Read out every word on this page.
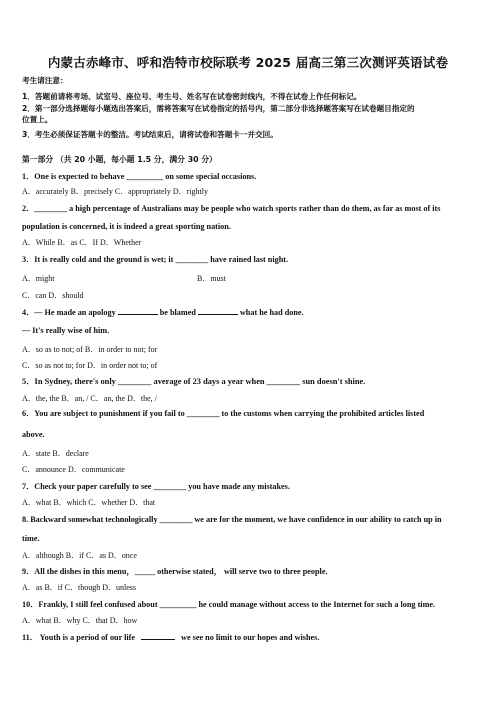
内蒙古赤峰市、呼和浩特市校际联考 2025 届高三第三次测评英语试卷
考生请注意：
1．答题前请将考场、试室号、座位号、考生号、姓名写在试卷密封线内，不得在试卷上作任何标记。
2．第一部分选择题每小题选出答案后，需将答案写在试卷指定的括号内，第二部分非选择题答案写在试卷题目指定的
位置上。
3．考生必须保证答题卡的整洁。考试结束后，请将试卷和答题卡一并交回。
第一部分 （共 20 小题，每小题 1.5 分，满分 30 分）
1．One is expected to behave _________ on some special occasions.
A．accurately B．precisely C．appropriately D．rightly
2．________ a high percentage of Australians may be people who watch sports rather than do them, as far as most of its
population is concerned, it is indeed a great sporting nation.
A．While B．as C．If D．Whether
3．It is really cold and the ground is wet; it ________ have rained last night.
A．might	B．must
C．can D．should
4．— He made an apology	be blamed	what he had done.
— It's really wise of him.
A．so as to not; of B．in order to not; for
C．so as not to; for D．in order not to; of
5．In Sydney, there's only ________ average of 23 days a year when ________ sun doesn't shine.
A．the, the B．an, / C．an, the D．the, /
6．You are subject to punishment if you fail to ________ to the customs when carrying the prohibited articles listed
above.
A．state B．declare
C．announce D．communicate
7．Check your paper carefully to see ________ you have made any mistakes.
A．what B．which C．whether D．that
8. Backward somewhat technologically ________ we are for the moment, we have confidence in our ability to catch up in
time.
A．although B．if C．as D．once
9．All the dishes in this menu，_____ otherwise stated， will serve two to three people.
A．as B．if C．though D．unless
10．Frankly, I still feel confused about _________ he could manage without access to the Internet for such a long time.
A．what B．why C．that D．how
11． Youth is a period of our life	we see no limit to our hopes and wishes.
